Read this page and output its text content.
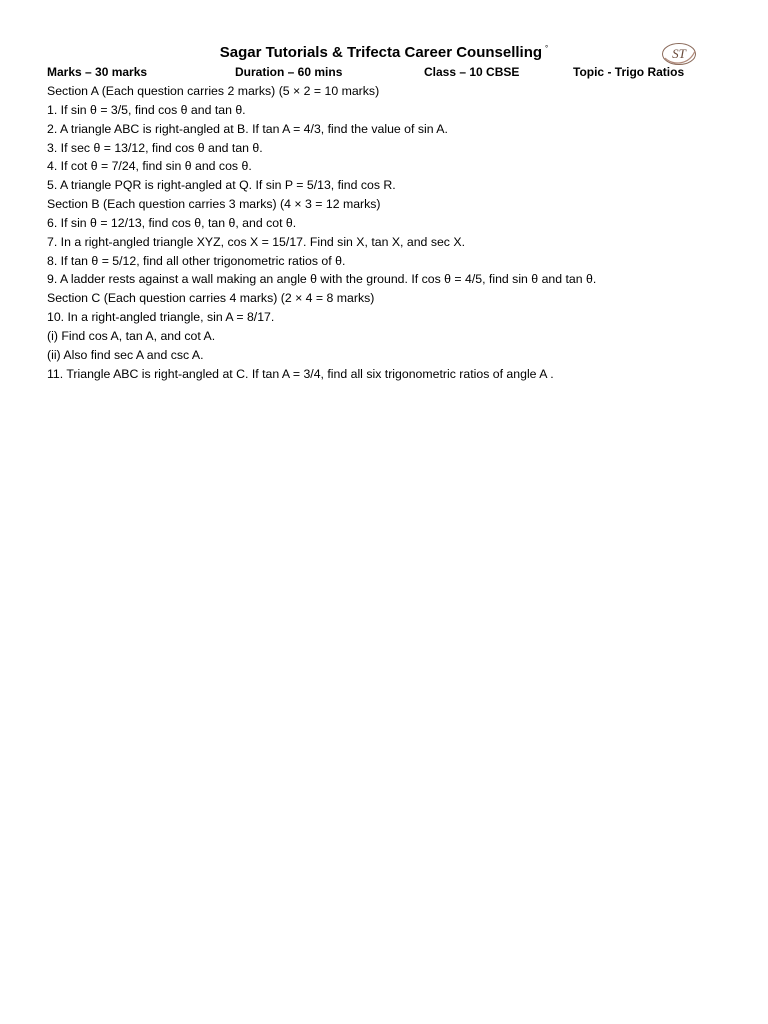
Sagar Tutorials & Trifecta Career Counselling °	ST
Marks – 30 marks	Duration – 60 mins	Class – 10 CBSE	Topic - Trigo Ratios
Section A (Each question carries 2 marks) (5 × 2 = 10 marks)
1. If sin θ = 3/5, find cos θ and tan θ.
2. A triangle ABC is right-angled at B. If tan A = 4/3, find the value of sin A.
3. If sec θ = 13/12, find cos θ and tan θ.
4. If cot θ = 7/24, find sin θ and cos θ.
5. A triangle PQR is right-angled at Q. If sin P = 5/13, find cos R.
Section B (Each question carries 3 marks) (4 × 3 = 12 marks)
6. If sin θ = 12/13, find cos θ, tan θ, and cot θ.
7. In a right-angled triangle XYZ, cos X = 15/17. Find sin X, tan X, and sec X.
8. If tan θ = 5/12, find all other trigonometric ratios of θ.
9. A ladder rests against a wall making an angle θ with the ground. If cos θ = 4/5, find sin θ and tan θ.
Section C (Each question carries 4 marks) (2 × 4 = 8 marks)
10. In a right-angled triangle, sin A = 8/17.
(i) Find cos A, tan A, and cot A.
(ii) Also find sec A and csc A.
11. Triangle ABC is right-angled at C. If tan A = 3/4, find all six trigonometric ratios of angle A .
